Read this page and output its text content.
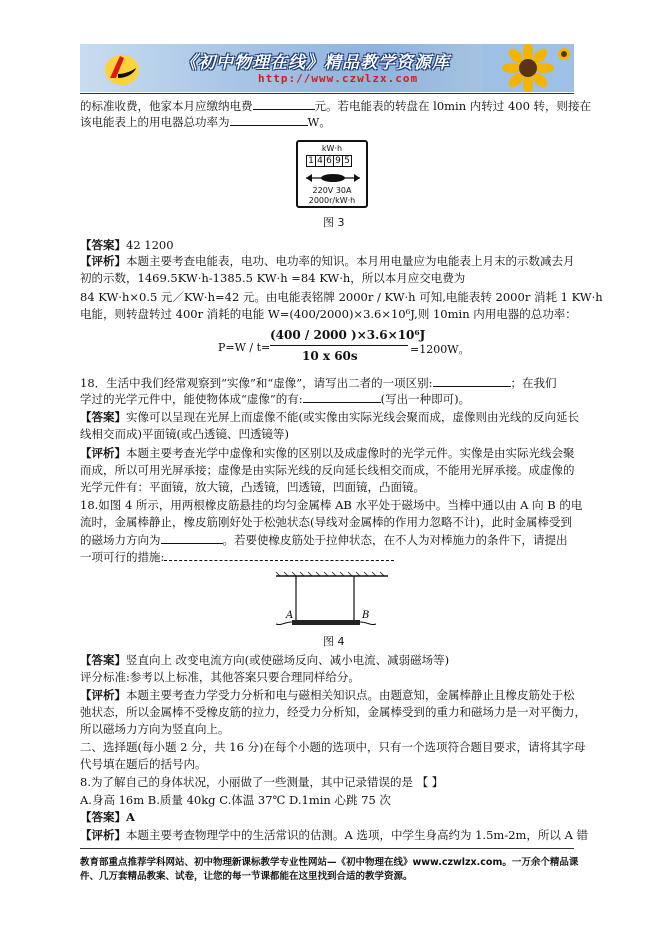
《初中物理在线》精品教学资源库
http://www.czwlzx.com
的标准收费，他家本月应缴纳电费	元。若电能表的转盘在 l0min 内转过 400 转，则接在
该电能表上的用电器总功率为	W。
kW·h
1 4 6 9 5
220V 30A
2000r/kW·h
图 3
【答案】42 1200
【评析】本题主要考查电能表，电功、电功率的知识。本月用电量应为电能表上月末的示数减去月
初的示数，1469.5KW·h-1385.5 KW·h =84 KW·h，所以本月应交电费为
84 KW·h×0.5 元／KW·h=42 元。由电能表铭牌 2000r / KW·h 可知,电能表转 2000r 消耗 1 KW·h
电能，则转盘转过 400r 消耗的电能 W=(400/2000)×3.6×10⁶J,则 10min 内用电器的总功率：
P=W / t=
(400 / 2000 )×3.6×10⁶J
10 x 60s	=1200W。
18．生活中我们经常观察到“实像”和“虚像”，请写出二者的一项区别:	；在我们
学过的光学元件中，能使物体成“虚像”的有:	(写出一种即可)。
【答案】实像可以呈现在光屏上而虚像不能(或实像由实际光线会聚而成，虚像则由光线的反向延长
线相交而成)平面镜(或凸透镜、凹透镜等)
【评析】本题主要考查光学中虚像和实像的区别以及成虚像时的光学元件。实像是由实际光线会聚
而成，所以可用光屏承接；虚像是由实际光线的反向延长线相交而成，不能用光屏承接。成虚像的
光学元件有：平面镜，放大镜，凸透镜，凹透镜，凹面镜，凸面镜。
18.如图 4 所示，用两根橡皮筋悬挂的均匀金属棒 AB 水平处于磁场中。当棒中通以由 A 向 B 的电
流时，金属棒静止，橡皮筋刚好处于松弛状态(导线对金属棒的作用力忽略不计)，此时金属棒受到
的磁场力方向为	。若要使橡皮筋处于拉伸状态，在不人为对棒施力的条件下，请提出
一项可行的措施:
A	B
图 4
【答案】竖直向上 改变电流方向(或使磁场反向、减小电流、减弱磁场等)
评分标准:参考以上标准，其他答案只要合理同样给分。
【评析】本题主要考查力学受力分析和电与磁相关知识点。由题意知，金属棒静止且橡皮筋处于松
弛状态，所以金属棒不受橡皮筋的拉力，经受力分析知，金属棒受到的重力和磁场力是一对平衡力，
所以磁场力方向为竖直向上。
二、选择题(每小题 2 分，共 16 分)在每个小题的选项中，只有一个选项符合题目要求，请将其字母
代号填在题后的括号内。
8.为了解自己的身体状况，小丽做了一些测量，其中记录错误的是 【 】
A.身高 16m B.质量 40kg C.体温 37℃ D.1min 心跳 75 次
【答案】A
【评析】本题主要考查物理学中的生活常识的估测。A 选项，中学生身高约为 1.5m-2m，所以 A 错
教育部重点推荐学科网站、初中物理新课标教学专业性网站—《初中物理在线》www.czwlzx.com。一万余个精品课
件、几万套精品教案、试卷，让您的每一节课都能在这里找到合适的教学资源。
